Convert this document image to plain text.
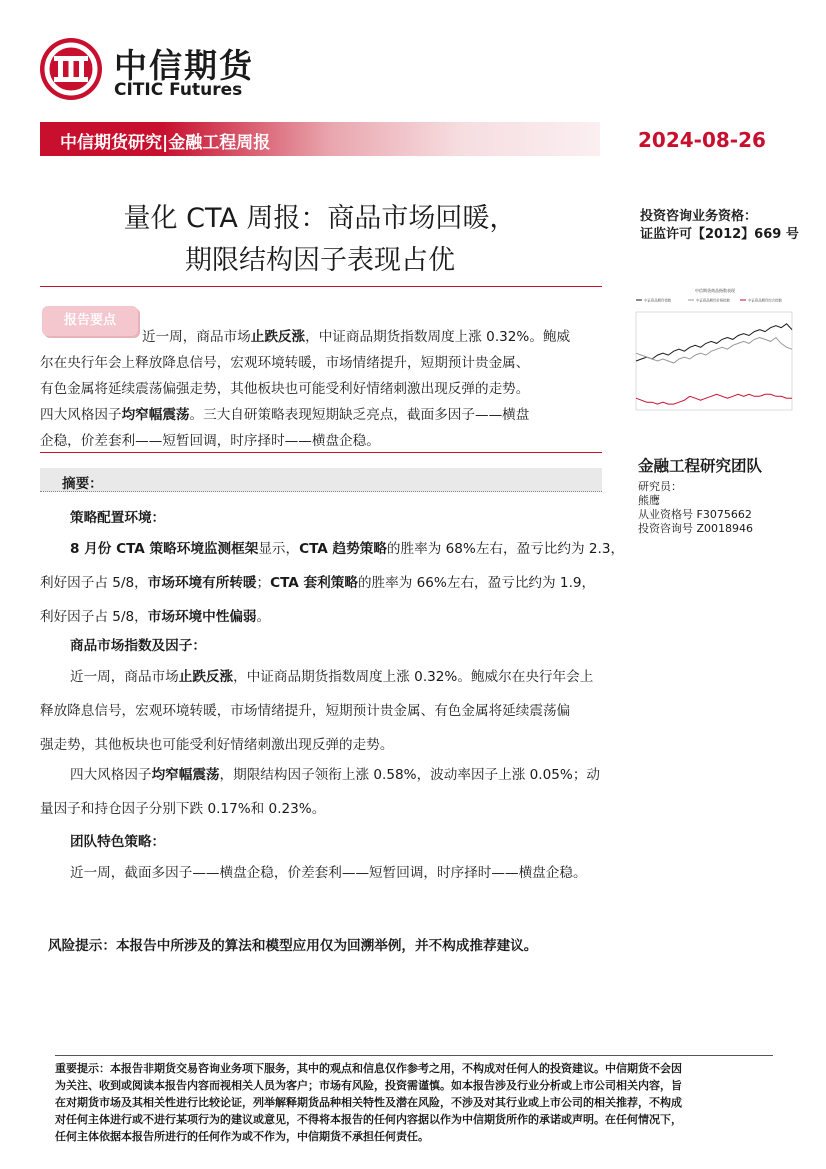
中信期货
CITIC Futures
中信期货研究|金融工程周报	2024-08-26
量化 CTA 周报：商品市场回暖，
期限结构因子表现占优
投资咨询业务资格：
证监许可【2012】669 号
近一周，商品市场止跌反涨，中证商品期货指数周度上涨 0.32%。鲍威
尔在央行年会上释放降息信号，宏观环境转暖，市场情绪提升，短期预计贵金属、
有色金属将延续震荡偏强走势，其他板块也可能受利好情绪刺激出现反弹的走势。
四大风格因子均窄幅震荡。三大自研策略表现短期缺乏亮点，截面多因子——横盘
企稳，价差套利——短暂回调，时序择时——横盘企稳。
报告要点
中信期货商品指数表现
中证商品期货指数	中证商品期货价格指数	中证商品期货综合指数
摘要：
策略配置环境：
8 月份 CTA 策略环境监测框架显示，CTA 趋势策略的胜率为 68%左右，盈亏比约为 2.3，
利好因子占 5/8，市场环境有所转暖；CTA 套利策略的胜率为 66%左右，盈亏比约为 1.9，
利好因子占 5/8，市场环境中性偏弱。
商品市场指数及因子：
近一周，商品市场止跌反涨，中证商品期货指数周度上涨 0.32%。鲍威尔在央行年会上
释放降息信号，宏观环境转暖，市场情绪提升，短期预计贵金属、有色金属将延续震荡偏
强走势，其他板块也可能受利好情绪刺激出现反弹的走势。
四大风格因子均窄幅震荡，期限结构因子领衔上涨 0.58%，波动率因子上涨 0.05%；动
量因子和持仓因子分别下跌 0.17%和 0.23%。
团队特色策略：
近一周，截面多因子——横盘企稳，价差套利——短暂回调，时序择时——横盘企稳。
风险提示：本报告中所涉及的算法和模型应用仅为回溯举例，并不构成推荐建议。
金融工程研究团队
研究员：
熊鹰
从业资格号 F3075662
投资咨询号 Z0018946
重要提示：本报告非期货交易咨询业务项下服务，其中的观点和信息仅作参考之用，不构成对任何人的投资建议。中信期货不会因
为关注、收到或阅读本报告内容而视相关人员为客户；市场有风险，投资需谨慎。如本报告涉及行业分析或上市公司相关内容，旨
在对期货市场及其相关性进行比较论证，列举解释期货品种相关特性及潜在风险，不涉及对其行业或上市公司的相关推荐，不构成
对任何主体进行或不进行某项行为的建议或意见，不得将本报告的任何内容据以作为中信期货所作的承诺或声明。在任何情况下，
任何主体依据本报告所进行的任何作为或不作为，中信期货不承担任何责任。
